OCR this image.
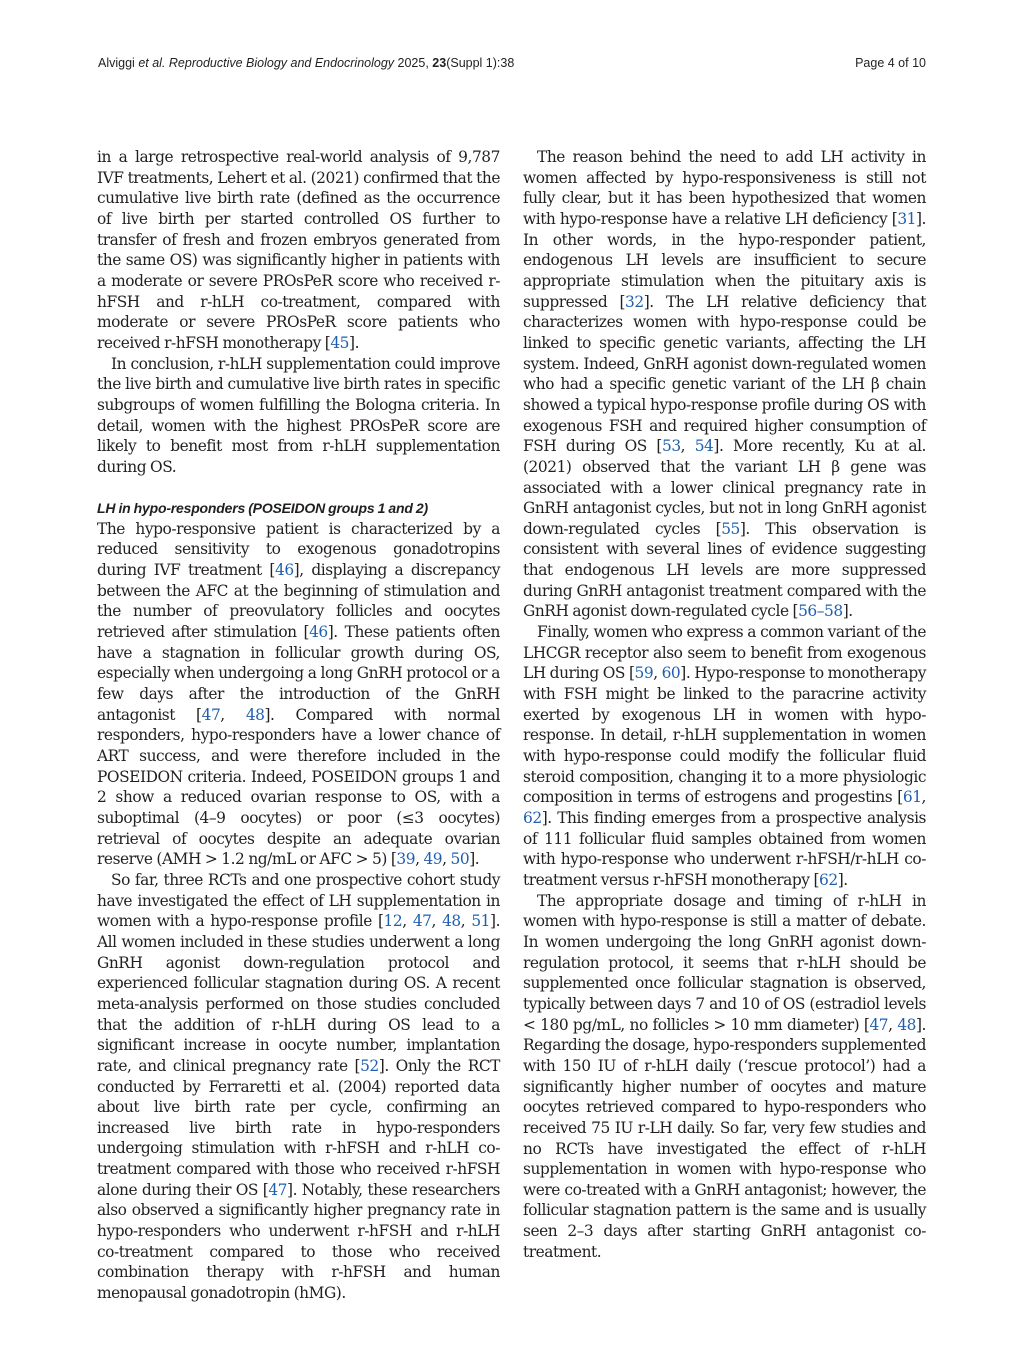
Alviggi et al. Reproductive Biology and Endocrinology 2025, 23(Suppl 1):38	Page 4 of 10

in a large retrospective real-world analysis of 9,787 IVF treatments, Lehert et al. (2021) confirmed that the cumulative live birth rate (defined as the occurrence of live birth per started controlled OS further to transfer of fresh and frozen embryos generated from the same OS) was significantly higher in patients with a moderate or severe PROsPeR score who received r-hFSH and r-hLH co-treatment, compared with moderate or severe PROsPeR score patients who received r-hFSH monotherapy [45].

In conclusion, r-hLH supplementation could improve the live birth and cumulative live birth rates in specific subgroups of women fulfilling the Bologna criteria. In detail, women with the highest PROsPeR score are likely to benefit most from r-hLH supplementation during OS.

LH in hypo-responders (POSEIDON groups 1 and 2)

The hypo-responsive patient is characterized by a reduced sensitivity to exogenous gonadotropins during IVF treatment [46], displaying a discrepancy between the AFC at the beginning of stimulation and the number of preovulatory follicles and oocytes retrieved after stimulation [46]. These patients often have a stagnation in follicular growth during OS, especially when undergoing a long GnRH protocol or a few days after the introduction of the GnRH antagonist [47, 48]. Compared with normal responders, hypo-responders have a lower chance of ART success, and were therefore included in the POSEIDON criteria. Indeed, POSEIDON groups 1 and 2 show a reduced ovarian response to OS, with a suboptimal (4–9 oocytes) or poor (≤3 oocytes) retrieval of oocytes despite an adequate ovarian reserve (AMH > 1.2 ng/mL or AFC > 5) [39, 49, 50].

So far, three RCTs and one prospective cohort study have investigated the effect of LH supplementation in women with a hypo-response profile [12, 47, 48, 51]. All women included in these studies underwent a long GnRH agonist down-regulation protocol and experienced follicular stagnation during OS. A recent meta-analysis performed on those studies concluded that the addition of r-hLH during OS lead to a significant increase in oocyte number, implantation rate, and clinical pregnancy rate [52]. Only the RCT conducted by Ferraretti et al. (2004) reported data about live birth rate per cycle, confirming an increased live birth rate in hypo-responders undergoing stimulation with r-hFSH and r-hLH co-treatment compared with those who received r-hFSH alone during their OS [47]. Notably, these researchers also observed a significantly higher pregnancy rate in hypo-responders who underwent r-hFSH and r-hLH co-treatment compared to those who received combination therapy with r-hFSH and human menopausal gonadotropin (hMG).

The reason behind the need to add LH activity in women affected by hypo-responsiveness is still not fully clear, but it has been hypothesized that women with hypo-response have a relative LH deficiency [31]. In other words, in the hypo-responder patient, endogenous LH levels are insufficient to secure appropriate stimulation when the pituitary axis is suppressed [32]. The LH relative deficiency that characterizes women with hypo-response could be linked to specific genetic variants, affecting the LH system. Indeed, GnRH agonist down-regulated women who had a specific genetic variant of the LH β chain showed a typical hypo-response profile during OS with exogenous FSH and required higher consumption of FSH during OS [53, 54]. More recently, Ku at al. (2021) observed that the variant LH β gene was associated with a lower clinical pregnancy rate in GnRH antagonist cycles, but not in long GnRH agonist down-regulated cycles [55]. This observation is consistent with several lines of evidence suggesting that endogenous LH levels are more suppressed during GnRH antagonist treatment compared with the GnRH agonist down-regulated cycle [56–58].

Finally, women who express a common variant of the LHCGR receptor also seem to benefit from exogenous LH during OS [59, 60]. Hypo-response to monotherapy with FSH might be linked to the paracrine activity exerted by exogenous LH in women with hypo-response. In detail, r-hLH supplementation in women with hypo-response could modify the follicular fluid steroid composition, changing it to a more physiologic composition in terms of estrogens and progestins [61, 62]. This finding emerges from a prospective analysis of 111 follicular fluid samples obtained from women with hypo-response who underwent r-hFSH/r-hLH co-treatment versus r-hFSH monotherapy [62].

The appropriate dosage and timing of r-hLH in women with hypo-response is still a matter of debate. In women undergoing the long GnRH agonist down-regulation protocol, it seems that r-hLH should be supplemented once follicular stagnation is observed, typically between days 7 and 10 of OS (estradiol levels < 180 pg/mL, no follicles > 10 mm diameter) [47, 48]. Regarding the dosage, hypo-responders supplemented with 150 IU of r-hLH daily (‘rescue protocol’) had a significantly higher number of oocytes and mature oocytes retrieved compared to hypo-responders who received 75 IU r-LH daily. So far, very few studies and no RCTs have investigated the effect of r-hLH supplementation in women with hypo-response who were co-treated with a GnRH antagonist; however, the follicular stagnation pattern is the same and is usually seen 2–3 days after starting GnRH antagonist co-treatment.
